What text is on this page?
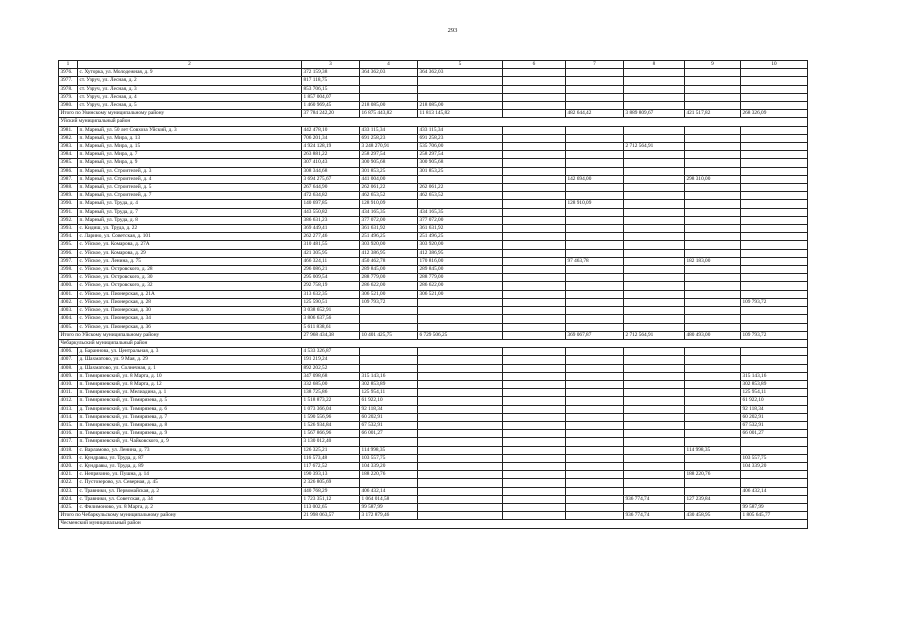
293
1	2	3	4	5	6	7	8	9	10
3976.	с. Хуторка, ул. Молодежная, д. 9	372 159,38	364 362,03	364 362,03					
3977.	ст. Узруч, ул. Лесная, д. 2	817 118,75							
3978.	ст. Узруч, ул. Лесная, д. 3	853 706,15							
3979.	ст. Узруч, ул. Лесная, д. 4	1 857 004,07							
3980.	ст. Узруч, ул. Лесная, д. 5	1 460 969,45	218 085,00	218 085,00					
Итого по Увинскому муниципальному району		37 784 242,20	16 875 443,82	11 813 145,82		482 644,42	3 889 809,67	421 517,82	268 326,09
Уйский муниципальный район									
3981.	п. Марный, ул. 50 лет Совхоза Уйский, д. 3	442 478,10	433 115,34	433 115,34					
3982.	п. Марный, ул. Мира, д. 13	706 201,34	691 258,23	691 258,23					
3983.	п. Марный, ул. Мира, д. 15	4 924 128,19	3 248 270,91	535 706,00			2 712 564,91		
3984.	п. Марный, ул. Мира, д. 7	263 881,22	258 297,54	258 297,54					
3985.	п. Марный, ул. Мира, д. 9	307 410,43	300 905,68	300 905,68					
3986.	п. Марный, ул. Строителей, д. 3	308 344,68	301 853,25	301 853,25					
3987.	п. Марный, ул. Строителей, д. 4	3 694 275,67	441 004,00			142 694,00		298 310,00	
3988.	п. Марный, ул. Строителей, д. 5	267 644,90	262 061,22	262 061,22					
3989.	п. Марный, ул. Строителей, д. 7	472 634,82	462 653,52	462 653,52					
3990.	п. Марный, ул. Труда, д. 4	140 697,85	128 910,09			128 910,09			
3991.	п. Марный, ул. Труда, д. 7	443 550,82	434 165,35	434 165,35					
3992.	п. Марный, ул. Труда, д. 8	386 631,23	377 072,00	377 072,00					
3993.	с. Кидиш, ул. Труда, д. 22	369 449,41	361 631,92	361 631,92					
3994.	с. Ларино, ул. Советская, д. 101	262 277,46	251 496,25	251 496,25					
3995.	с. Уйское, ул. Комарова, д. 27А	310 481,55	303 920,00	303 920,00					
3996.	с. Уйское, ул. Комарова, д. 29	421 305,95	412 386,95	412 386,95					
3997.	с. Уйское, ул. Ленина, д. 75	466 324,11	450 462,78	170 816,00		97 463,78		182 183,00	
3998.	с. Уйское, ул. Островского, д. 28	296 086,21	289 845,00	289 845,00					
3999.	с. Уйское, ул. Островского, д. 30	295 009,54	288 779,00	288 779,00					
4000.	с. Уйское, ул. Островского, д. 32	292 758,19	286 622,00	286 622,00					
4001.	с. Уйское, ул. Пионерская, д. 21А	313 632,35	306 521,00	306 521,00					
4002.	с. Уйское, ул. Пионерская, д. 28	125 590,51	109 793,72						109 793,72
4003.	с. Уйское, ул. Пионерская, д. 30	3 038 652,91							
4004.	с. Уйское, ул. Пионерская, д. 34	3 806 637,56							
4005.	с. Уйское, ул. Пионерская, д. 36	5 611 838,61							
Итого по Уйскому муниципальному району		27 968 434,38	10 401 425,75	6 729 506,25		369 067,87	2 712 564,91	480 493,00	109 793,72
Чебаркульский муниципальный район									
4006.	д. Бараннова, ул. Центральная, д. 3	4 533 326,87							
4007.	д. Шахматово, ул. 9 Мая, д. 29	191 219,24							
4008.	д. Шахматово, ул. Солнечная, д. 1	892 202,52							
4009.	п. Тимирязевский, ул. 8 Марта, д. 10	347 098,68	315 143,16						315 143,16
4010.	п. Тимирязевский, ул. 8 Марта, д. 12	332 685,00	302 853,89						302 853,89
4011.	п. Тимирязевский, ул. Мелиадина, д. 1	138 725,86	125 954,11						125 954,11
4012.	п. Тимирязевский, ул. Тимирязева, д. 5	1 518 873,22	61 922,10						61 922,10
4013.	д. Тимирязевский, ул. Тимирязева, д. 6	1 073 366,04	92 118,34						92 118,34
4014.	п. Тимирязевский, ул. Тимирязева, д. 7	1 590 556,96	60 202,91						60 202,91
4015.	п. Тимирязевский, ул. Тимирязева, д. 8	1 526 934,84	67 532,91						67 532,91
4016.	п. Тимирязевский, ул. Тимирязева, д. 9	1 567 866,96	66 001,27						66 001,27
4017.	п. Тимирязевский, ул. Чайковского, д. 9	3 130 012,40							
4018.	с. Варламово, ул. Ленина, д. 73	126 325,21	114 998,35					114 998,35	
4019.	с. Кундравы, ул. Труда, д. 87	116 573,48	103 557,75						103 557,75
4020.	с. Кундравы, ул. Труда, д. 89	117 672,52	104 339,20						104 339,20
4021.	с. Непряхино, ул. Пушна, д. 14	190 393,13	188 220,76					188 220,76	
4022.	с. Пустозерово, ул. Северная, д. 45	2 326 805,69							
4023.	с. Травники, ул. Первомайская, д. 2	440 768,29	406 432,14						406 432,14
4024.	с. Травники, ул. Советская, д. 34	1 723 351,12	1 064 014,58				936 774,74	127 239,84	
4025.	с. Филимоново, ул. 8 Марта, д. 2	113 002,65	99 587,99						99 587,99
Итого по Чебаркульскому муниципальному району		21 998 063,57	3 172 879,46				936 774,74	430 458,95	1 805 645,77
Чесменский муниципальный район									
